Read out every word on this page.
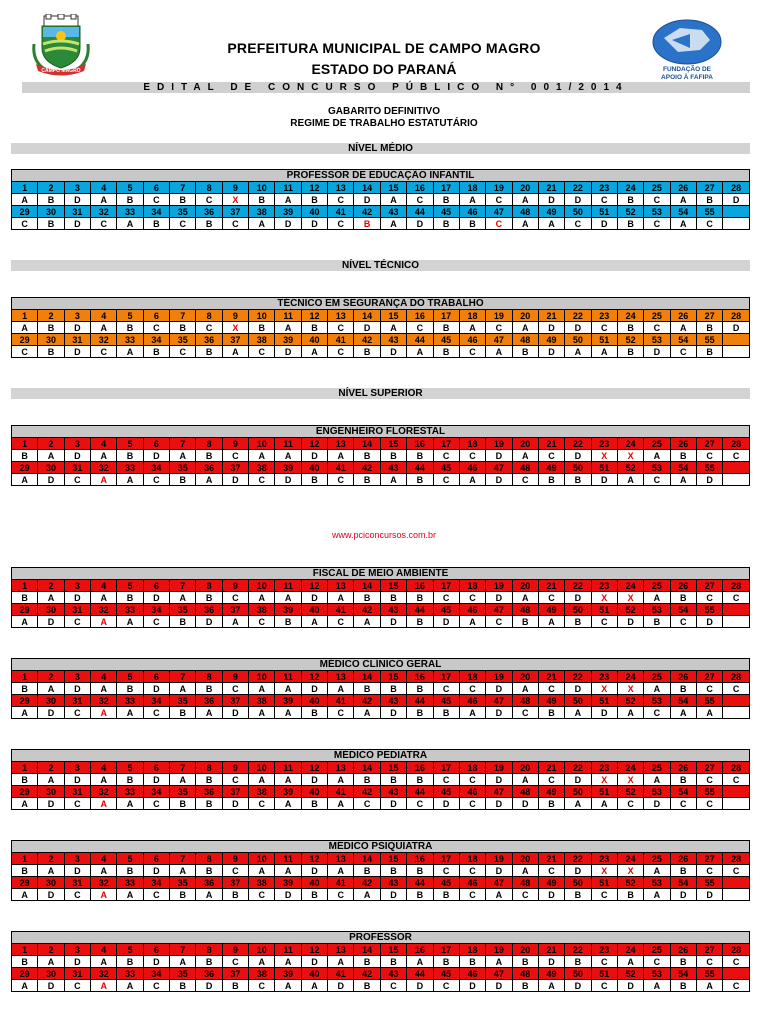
CAMPO MAGRO	FUNDAÇÃO DE
APOIO À FAFIPA
PREFEITURA MUNICIPAL DE CAMPO MAGRO
ESTADO DO PARANÁ
EDITAL DE CONCURSO PÚBLICO N° 001/2014
GABARITO DEFINITIVO
REGIME DE TRABALHO ESTATUTÁRIO
NÍVEL MÉDIO
NÍVEL TÉCNICO
NÍVEL SUPERIOR
www.pciconcursos.com.br
PROFESSOR DE EDUCAÇÃO INFANTIL																											
1	2	3	4	5	6	7	8	9	10	11	12	13	14	15	16	17	18	19	20	21	22	23	24	25	26	27	28
A	B	D	A	B	C	B	C	X	B	A	B	C	D	A	C	B	A	C	A	D	D	C	B	C	A	B	D
29	30	31	32	33	34	35	36	37	38	39	40	41	42	43	44	45	46	47	48	49	50	51	52	53	54	55	
C	B	D	C	A	B	C	B	C	A	D	D	C	B	A	D	B	B	C	A	A	C	D	B	C	A	C	
TÉCNICO EM SEGURANÇA DO TRABALHO																											
1	2	3	4	5	6	7	8	9	10	11	12	13	14	15	16	17	18	19	20	21	22	23	24	25	26	27	28
A	B	D	A	B	C	B	C	X	B	A	B	C	D	A	C	B	A	C	A	D	D	C	B	C	A	B	D
29	30	31	32	33	34	35	36	37	38	39	40	41	42	43	44	45	46	47	48	49	50	51	52	53	54	55	
C	B	D	C	A	B	C	B	A	C	D	A	C	B	D	A	B	C	A	B	D	A	A	B	D	C	B	
ENGENHEIRO FLORESTAL																											
1	2	3	4	5	6	7	8	9	10	11	12	13	14	15	16	17	18	19	20	21	22	23	24	25	26	27	28
B	A	D	A	B	D	A	B	C	A	A	D	A	B	B	B	C	C	D	A	C	D	X	X	A	B	C	C
29	30	31	32	33	34	35	36	37	38	39	40	41	42	43	44	45	46	47	48	49	50	51	52	53	54	55	
A	D	C	A	A	C	B	A	D	C	D	B	C	B	A	B	C	A	D	C	B	B	D	A	C	A	D	
FISCAL DE MEIO AMBIENTE																											
1	2	3	4	5	6	7	8	9	10	11	12	13	14	15	16	17	18	19	20	21	22	23	24	25	26	27	28
B	A	D	A	B	D	A	B	C	A	A	D	A	B	B	B	C	C	D	A	C	D	X	X	A	B	C	C
29	30	31	32	33	34	35	36	37	38	39	40	41	42	43	44	45	46	47	48	49	50	51	52	53	54	55	
A	D	C	A	A	C	B	D	A	C	B	A	C	A	D	B	D	A	C	B	A	B	C	D	B	C	D	
MÉDICO CLÍNICO GERAL																											
1	2	3	4	5	6	7	8	9	10	11	12	13	14	15	16	17	18	19	20	21	22	23	24	25	26	27	28
B	A	D	A	B	D	A	B	C	A	A	D	A	B	B	B	C	C	D	A	C	D	X	X	A	B	C	C
29	30	31	32	33	34	35	36	37	38	39	40	41	42	43	44	45	46	47	48	49	50	51	52	53	54	55	
A	D	C	A	A	C	B	A	D	A	A	B	C	A	D	B	B	A	D	C	B	A	D	A	C	A	A	
MÉDICO PEDIATRA																											
1	2	3	4	5	6	7	8	9	10	11	12	13	14	15	16	17	18	19	20	21	22	23	24	25	26	27	28
B	A	D	A	B	D	A	B	C	A	A	D	A	B	B	B	C	C	D	A	C	D	X	X	A	B	C	C
29	30	31	32	33	34	35	36	37	38	39	40	41	42	43	44	45	46	47	48	49	50	51	52	53	54	55	
A	D	C	A	A	C	B	B	D	C	A	B	A	C	D	C	D	C	D	D	B	A	A	C	D	C	C	
MÉDICO PSIQUIATRA																											
1	2	3	4	5	6	7	8	9	10	11	12	13	14	15	16	17	18	19	20	21	22	23	24	25	26	27	28
B	A	D	A	B	D	A	B	C	A	A	D	A	B	B	B	C	C	D	A	C	D	X	X	A	B	C	C
29	30	31	32	33	34	35	36	37	38	39	40	41	42	43	44	45	46	47	48	49	50	51	52	53	54	55	
A	D	C	A	A	C	B	A	B	C	D	B	C	A	D	B	B	C	A	C	D	B	C	B	A	D	D	
PROFESSOR																											
1	2	3	4	5	6	7	8	9	10	11	12	13	14	15	16	17	18	19	20	21	22	23	24	25	26	27	28
B	A	D	A	B	D	A	B	C	A	A	D	A	B	B	A	B	B	A	B	D	B	C	A	C	B	C	C
29	30	31	32	33	34	35	36	37	38	39	40	41	42	43	44	45	46	47	48	49	50	51	52	53	54	55	
A	D	C	A	A	C	B	D	B	C	A	A	D	B	C	D	C	D	D	B	A	D	C	D	A	B	A	C
